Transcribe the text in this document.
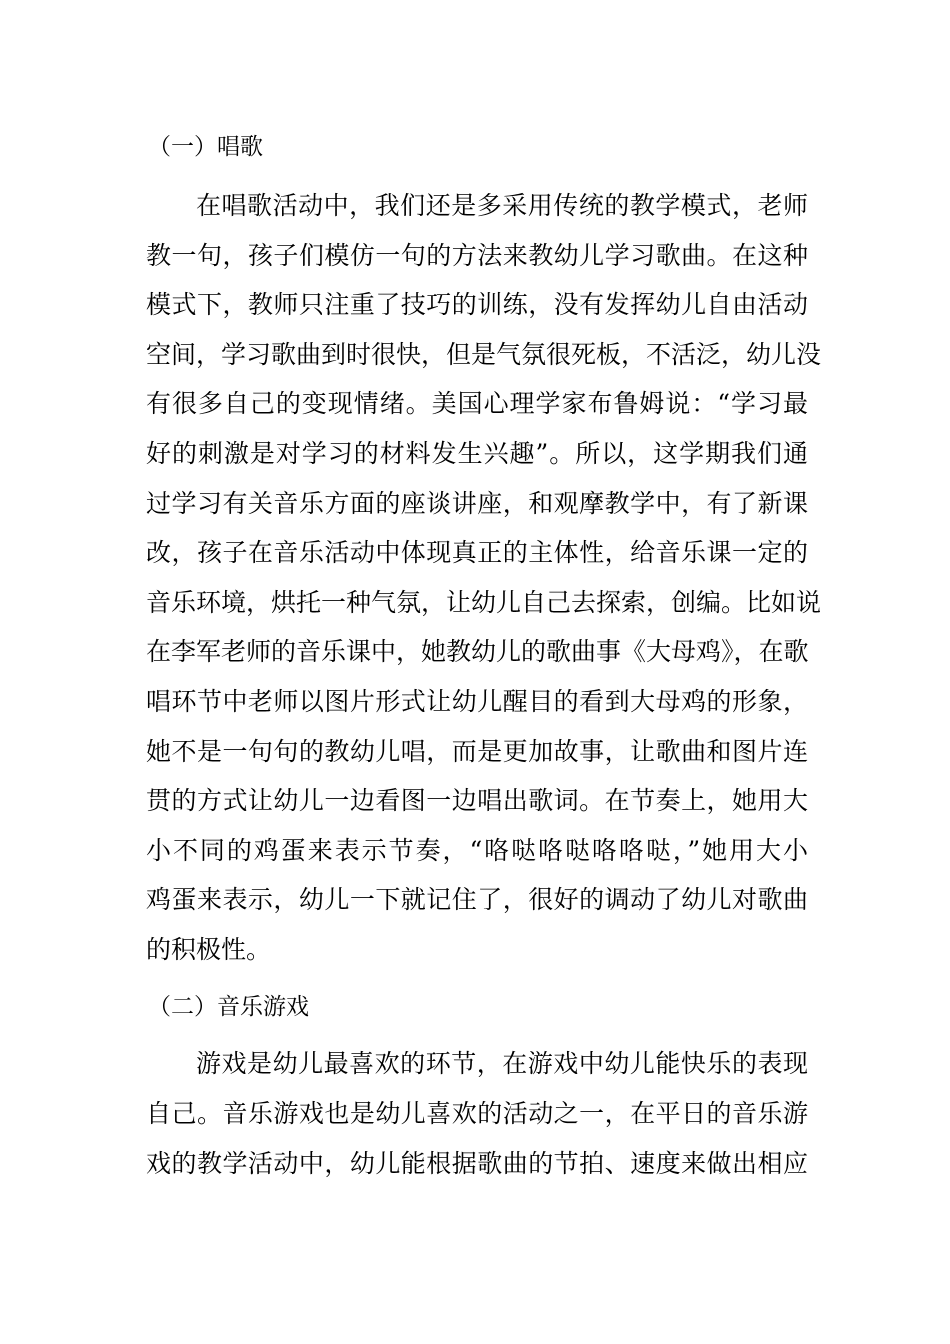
（一）唱歌
在唱歌活动中，我们还是多采用传统的教学模式，老师
教一句，孩子们模仿一句的方法来教幼儿学习歌曲。在这种
模式下，教师只注重了技巧的训练，没有发挥幼儿自由活动
空间，学习歌曲到时很快，但是气氛很死板，不活泛，幼儿没
有很多自己的变现情绪。美国心理学家布鲁姆说：“学习最
好的刺激是对学习的材料发生兴趣”。所以，这学期我们通
过学习有关音乐方面的座谈讲座，和观摩教学中，有了新课
改，孩子在音乐活动中体现真正的主体性，给音乐课一定的
音乐环境，烘托一种气氛，让幼儿自己去探索，创编。比如说
在李军老师的音乐课中，她教幼儿的歌曲事《大母鸡》，在歌
唱环节中老师以图片形式让幼儿醒目的看到大母鸡的形象，
她不是一句句的教幼儿唱，而是更加故事，让歌曲和图片连
贯的方式让幼儿一边看图一边唱出歌词。在节奏上，她用大
小不同的鸡蛋来表示节奏，“咯哒咯哒咯咯哒，”她用大小
鸡蛋来表示，幼儿一下就记住了，很好的调动了幼儿对歌曲
的积极性。
（二）音乐游戏
游戏是幼儿最喜欢的环节，在游戏中幼儿能快乐的表现
自己。音乐游戏也是幼儿喜欢的活动之一，在平日的音乐游
戏的教学活动中，幼儿能根据歌曲的节拍、速度来做出相应
